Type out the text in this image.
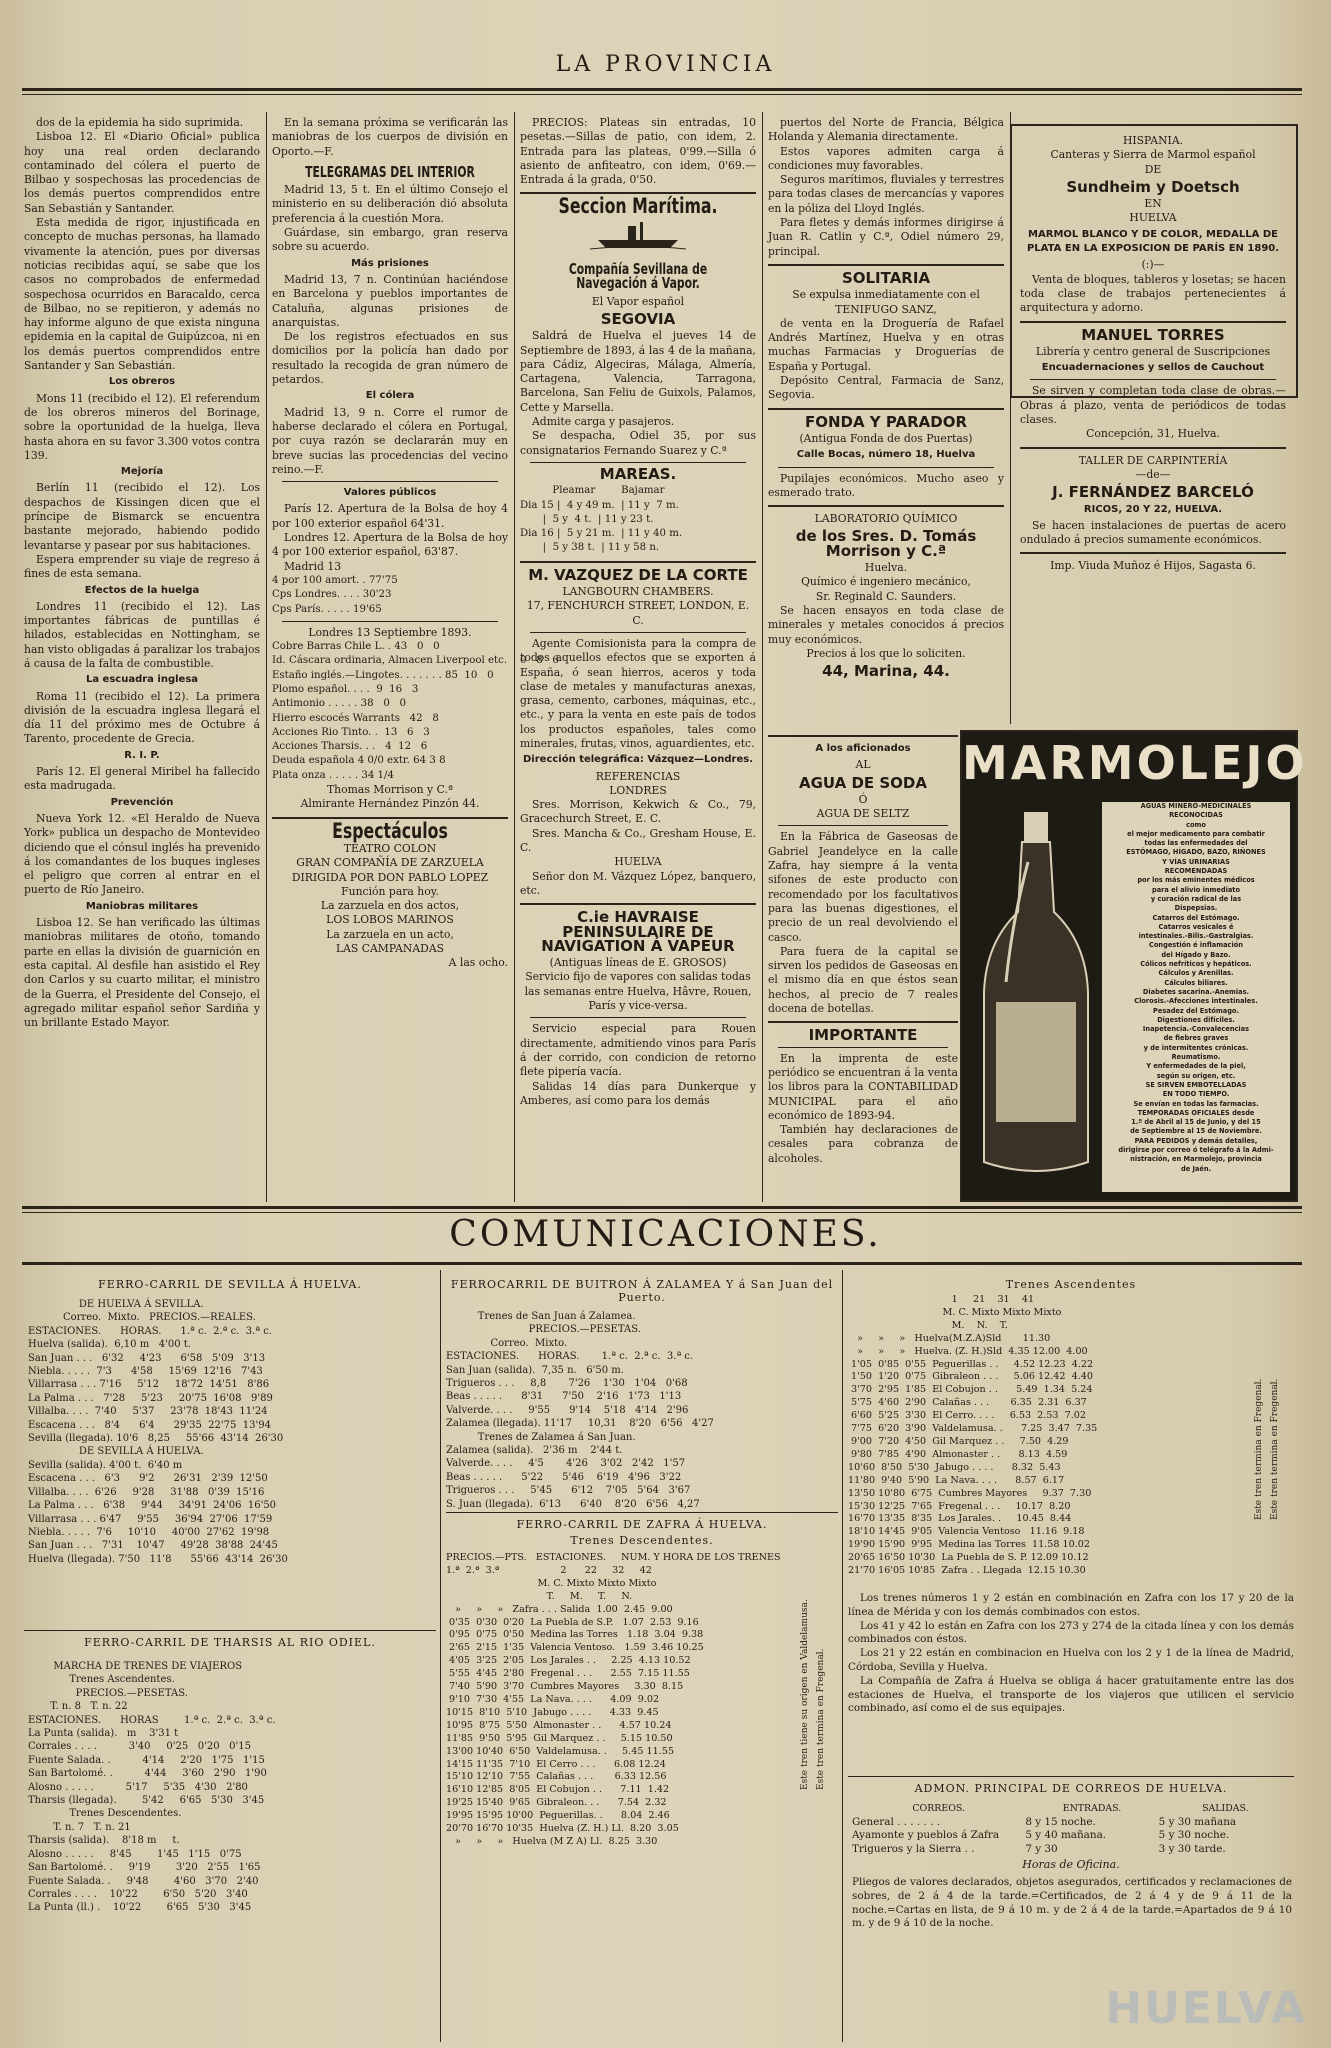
LA PROVINCIA

dos de la epidemia ha sido suprimida.

Lisboa 12. El «Diario Oficial» publica hoy una real orden declarando contaminado del cólera el puerto de Bilbao y sospechosas las procedencias de los demás puertos comprendidos entre San Sebastián y Santander.

Esta medida de rigor, injustificada en concepto de muchas personas, ha llamado vivamente la atención, pues por diversas noticias recibidas aquí, se sabe que los casos no comprobados de enfermedad sospechosa ocurridos en Baracaldo, cerca de Bilbao, no se repitieron, y además no hay informe alguno de que exista ninguna epidemia en la capital de Guipúzcoa, ni en los demás puertos comprendidos entre Santander y San Sebastián.

Los obreros

Mons 11 (recibido el 12). El referendum de los obreros mineros del Borinage, sobre la oportunidad de la huelga, lleva hasta ahora en su favor 3.300 votos contra 139.

Mejoría

Berlín 11 (recibido el 12). Los despachos de Kissingen dicen que el príncipe de Bismarck se encuentra bastante mejorado, habiendo podido levantarse y pasear por sus habitaciones.

Espera emprender su viaje de regreso á fines de esta semana.

Efectos de la huelga

Londres 11 (recibido el 12). Las importantes fábricas de puntillas é hilados, establecidas en Nottingham, se han visto obligadas á paralizar los trabajos á causa de la falta de combustible.

La escuadra inglesa

Roma 11 (recibido el 12). La primera división de la escuadra inglesa llegará el día 11 del próximo mes de Octubre á Tarento, procedente de Grecia.

R. I. P.

París 12. El general Miribel ha fallecido esta madrugada.

Prevención

Nueva York 12. «El Heraldo de Nueva York» publica un despacho de Montevideo diciendo que el cónsul inglés ha prevenido á los comandantes de los buques ingleses el peligro que corren al entrar en el puerto de Río Janeiro.

Maniobras militares

Lisboa 12. Se han verificado las últimas maniobras militares de otoño, tomando parte en ellas la división de guarnición en esta capital. Al desfile han asistido el Rey don Carlos y su cuarto militar, el ministro de la Guerra, el Presidente del Consejo, el agregado militar español señor Sardiña y un brillante Estado Mayor.

En la semana próxima se verificarán las maniobras de los cuerpos de división en Oporto.—F.

TELEGRAMAS DEL INTERIOR

Madrid 13, 5 t. En el último Consejo el ministerio en su deliberación dió absoluta preferencia á la cuestión Mora.

Guárdase, sin embargo, gran reserva sobre su acuerdo.

Más prisiones

Madrid 13, 7 n. Continúan haciéndose en Barcelona y pueblos importantes de Cataluña, algunas prisiones de anarquistas.

De los registros efectuados en sus domicilios por la policía han dado por resultado la recogida de gran número de petardos.

El cólera

Madrid 13, 9 n. Corre el rumor de haberse declarado el cólera en Portugal, por cuya razón se declararán muy en breve sucias las procedencias del vecino reino.—F.

Valores públicos

París 12. Apertura de la Bolsa de hoy 4 por 100 exterior español 64'31.

Londres 12. Apertura de la Bolsa de hoy 4 por 100 exterior español, 63'87.

Madrid 13

4 por 100 amort. . 77'75

Cps Londres. . . . 30'23

Cps París. . . . . 19'65

Londres 13 Septiembre 1893.

Cobre Barras Chile L. . 43   0   0

Id. Cáscara ordinaria, Almacen Liverpool etc.    0   8   6

Estaño inglés.—Lingotes. . . . . . . 85  10   0

Plomo español. . . .  9  16   3

Antimonio . . . . . 38   0   0

Hierro escocés Warrants   42   8

Acciones Rio Tinto. .  13   6   3

Acciones Tharsis. . .   4  12   6

Deuda española 4 0/0 extr. 64 3 8

Plata onza . . . . . 34 1/4

Thomas Morrison y C.ª

Almirante Hernández Pinzón 44.

Espectáculos

TEATRO COLON

GRAN COMPAÑÍA DE ZARZUELA DIRIGIDA POR DON PABLO LOPEZ

Función para hoy.

La zarzuela en dos actos,

LOS LOBOS MARINOS

La zarzuela en un acto,

LAS CAMPANADAS

A las ocho.

PRECIOS: Plateas sin entradas, 10 pesetas.—Sillas de patio, con idem, 2. Entrada para las plateas, 0'99.—Silla ó asiento de anfiteatro, con idem, 0'69.—Entrada á la grada, 0'50.

Seccion Marítima.

Compañía Sevillana de Navegación á Vapor.

El Vapor español

SEGOVIA

Saldrá de Huelva el jueves 14 de Septiembre de 1893, á las 4 de la mañana, para Cádiz, Algeciras, Málaga, Almería, Cartagena, Valencia, Tarragona, Barcelona, San Feliu de Guixols, Palamos, Cette y Marsella.

Admite carga y pasajeros.

Se despacha, Odiel 35, por sus consignatarios Fernando Suarez y C.ª

MAREAS.

Pleamar        Bajamar

Dia 15 |  4 y 49 m.  | 11 y  7 m.

|  5 y  4 t.  | 11 y 23 t.

Dia 16 |  5 y 21 m.  | 11 y 40 m.

|  5 y 38 t.  | 11 y 58 n.

M. VAZQUEZ DE LA CORTE

LANGBOURN CHAMBERS.

17, FENCHURCH STREET, LONDON, E. C.

Agente Comisionista para la compra de todos aquellos efectos que se exporten á España, ó sean hierros, aceros y toda clase de metales y manufacturas anexas, grasa, cemento, carbones, máquinas, etc., etc., y para la venta en este país de todos los productos españoles, tales como minerales, frutas, vinos, aguardientes, etc.

Dirección telegráfica: Vázquez—Londres.

REFERENCIAS

LONDRES

Sres. Morrison, Kekwich & Co., 79, Gracechurch Street, E. C.

Sres. Mancha & Co., Gresham House, E. C.

HUELVA

Señor don M. Vázquez López, banquero, etc.

C.ie HAVRAISE PENINSULAIRE DE NAVIGATION Á VAPEUR

(Antiguas líneas de E. GROSOS)

Servicio fijo de vapores con salidas todas las semanas entre Huelva, Hâvre, Rouen, París y vice-versa.

Servicio especial para Rouen directamente, admitiendo vinos para París á der corrido, con condicion de retorno flete pipería vacía.

Salidas 14 días para Dunkerque y Amberes, así como para los demás

puertos del Norte de Francia, Bélgica Holanda y Alemania directamente.

Estos vapores admiten carga á condiciones muy favorables.

Seguros marítimos, fluviales y terrestres para todas clases de mercancías y vapores en la póliza del Lloyd Inglés.

Para fletes y demás informes dirigirse á Juan R. Catlin y C.ª, Odiel número 29, principal.

SOLITARIA

Se expulsa inmediatamente con el

TENIFUGO SANZ,

de venta en la Droguería de Rafael Andrés Martínez, Huelva y en otras muchas Farmacias y Droguerías de España y Portugal.

Depósito Central, Farmacia de Sanz, Segovia.

FONDA Y PARADOR

(Antigua Fonda de dos Puertas)

Calle Bocas, número 18, Huelva

Pupilajes económicos. Mucho aseo y esmerado trato.

LABORATORIO QUÍMICO

de los Sres. D. Tomás Morrison y C.ª

Huelva.

Químico é ingeniero mecánico,

Sr. Reginald C. Saunders.

Se hacen ensayos en toda clase de minerales y metales conocidos á precios muy económicos.

Precios á los que lo soliciten.

44, Marina, 44.

HISPANIA.

Canteras y Sierra de Marmol español

DE

Sundheim y Doetsch

EN

HUELVA

MARMOL BLANCO Y DE COLOR, MEDALLA DE PLATA EN LA EXPOSICION DE PARÍS EN 1890.

(:)—

Venta de bloques, tableros y losetas; se hacen toda clase de trabajos pertenecientes á arquitectura y adorno.

MANUEL TORRES

Librería y centro general de Suscripciones

Encuadernaciones y sellos de Cauchout

Se sirven y completan toda clase de obras.—Obras á plazo, venta de periódicos de todas clases.

Concepción, 31, Huelva.

TALLER DE CARPINTERÍA

—de—

J. FERNÁNDEZ BARCELÓ

RICOS, 20 Y 22, HUELVA.

Se hacen instalaciones de puertas de acero ondulado á precios sumamente económicos.

Imp. Viuda Muñoz é Hijos, Sagasta 6.

A los aficionados

AL

AGUA DE SODA

Ó

AGUA DE SELTZ

En la Fábrica de Gaseosas de Gabriel Jeandelyce en la calle Zafra, hay siempre á la venta sifones de este producto con recomendado por los facultativos para las buenas digestiones, el precio de un real devolviendo el casco.

Para fuera de la capital se sirven los pedidos de Gaseosas en el mismo día en que éstos sean hechos, al precio de 7 reales docena de botellas.

IMPORTANTE

En la imprenta de este periódico se encuentran á la venta los libros para la CONTABILIDAD MUNICIPAL para el año económico de 1893-94.

También hay declaraciones de cesales para cobranza de alcoholes.

MARMOLEJO
AGUAS MINERO-MEDICINALES
RECONOCIDAS
como
el mejor medicamento para combatir
todas las enfermedades del
ESTÓMAGO, HÍGADO, BAZO, RIÑONES
Y VÍAS URINARIAS
RECOMENDADAS
por los más eminentes médicos
para el alivio inmediato
y curación radical de las
Dispepsias.
Catarros del Estómago.
Catarros vesicales é
intestinales.-Bilis.-Gastralgias.
Congestión é inflamación
del Hígado y Bazo.
Cólicos nefríticos y hepáticos.
Cálculos y Arenillas.
Cálculos biliares.
Diabetes sacarina.-Anemias.
Clorosis.-Afecciones intestinales.
Pesadez del Estómago.
Digestiones difíciles.
Inapetencia.-Convalecencias
de fiebres graves
y de intermitentes crónicas.
Reumatismo.
Y enfermedades de la piel,
según su origen, etc.
SE SIRVEN EMBOTELLADAS
EN TODO TIEMPO.
Se envían en todas las farmacias.
TEMPORADAS OFICIALES desde
1.º de Abril al 15 de Junio, y del 15
de Septiembre al 15 de Noviembre.
PARA PEDIDOS y demás detalles,
dirigirse por correo ó telégrafo á la Admi-
nistración, en Marmolejo, provincia
de Jaén.
COMUNICACIONES.
FERRO-CARRIL DE SEVILLA Á HUELVA.
DE HUELVA Á SEVILLA.
Correo.  Mixto.   PRECIOS.—REALES.
ESTACIONES.      HORAS.      1.ª c.  2.ª c.  3.ª c.
Huelva (salida).  6,10 m   4'00 t.
San Juan . . .   6'32     4'23      6'58   5'09   3'13
Niebla. . . . .  7'3      4'58     15'69  12'16   7'43
Villarrasa . . . 7'16     5'12     18'72  14'51   8'86
La Palma . . .   7'28     5'23     20'75  16'08   9'89
Villalba. . . .  7'40     5'37     23'78  18'43  11'24
Escacena . . .   8'4      6'4      29'35  22'75  13'94
Sevilla (llegada). 10'6   8,25     55'66  43'14  26'30
DE SEVILLA Á HUELVA.
Sevilla (salida). 4'00 t.  6'40 m
Escacena . . .   6'3      9'2      26'31   2'39  12'50
Villalba. . . .  6'26     9'28     31'88   0'39  15'16
La Palma . . .   6'38     9'44     34'91  24'06  16'50
Villarrasa . . . 6'47     9'55     36'94  27'06  17'59
Niebla. . . . .  7'6     10'10     40'00  27'62  19'98
San Juan . . .   7'31    10'47     49'28  38'88  24'45
Huelva (llegada). 7'50   11'8      55'66  43'14  26'30
FERRO-CARRIL DE THARSIS AL RIO ODIEL.
MARCHA DE TRENES DE VIAJEROS
Trenes Ascendentes.
PRECIOS.—PESETAS.
T. n. 8   T. n. 22
ESTACIONES.      HORAS        1.ª c.  2.ª c.  3.ª c.
La Punta (salida).   m    3'31 t
Corrales . . . .          3'40     0'25   0'20   0'15
Fuente Salada. .          4'14     2'20   1'75   1'15
San Bartolomé. .          4'44     3'60   2'90   1'90
Alosno . . . . .          5'17     5'35   4'30   2'80
Tharsis (llegada).        5'42     6'65   5'30   3'45
Trenes Descendentes.
T. n. 7   T. n. 21
Tharsis (salida).    8'18 m     t.
Alosno . . . . .     8'45        1'45   1'15   0'75
San Bartolomé. .     9'19        3'20   2'55   1'65
Fuente Salada. .     9'48        4'60   3'70   2'40
Corrales . . . .    10'22        6'50   5'20   3'40
La Punta (ll.) .    10'22        6'65   5'30   3'45
FERROCARRIL DE BUITRON Á ZALAMEA Y á San Juan del Puerto.
Trenes de San Juan á Zalamea.
PRECIOS.—PESETAS.
Correo.  Mixto.
ESTACIONES.      HORAS.       1.ª c.  2.ª c.  3.ª c.
San Juan (salida).  7,35 n.   6'50 m.
Trigueros . . .     8,8       7'26    1'30   1'04   0'68
Beas . . . . .      8'31      7'50    2'16   1'73   1'13
Valverde. . . .     9'55      9'14    5'18   4'14   2'96
Zalamea (llegada). 11'17     10,31    8'20   6'56   4'27
Trenes de Zalamea á San Juan.
Zalamea (salida).   2'36 m    2'44 t.
Valverde. . . .     4'5       4'26    3'02   2'42   1'57
Beas . . . . .      5'22      5'46    6'19   4'96   3'22
Trigueros . . .     5'45      6'12    7'05   5'64   3'67
S. Juan (llegada).  6'13      6'40    8'20   6'56   4,27
FERRO-CARRIL DE ZAFRA Á HUELVA.
Trenes Descendentes.
PRECIOS.—PTS.   ESTACIONES.     NUM. Y HORA DE LOS TRENES
1.ª  2.ª  3.ª                    2      22     32     42
M. C. Mixto Mixto Mixto
T.     M.     T.     N.
»     »     »   Zafra . . . Salida  1.00  2.45  9.00
0'35  0'30  0'20  La Puebla de S.P.   1.07  2.53  9.16
0'95  0'75  0'50  Medina las Torres   1.18  3.04  9.38
2'65  2'15  1'35  Valencia Ventoso.   1.59  3.46 10.25
4'05  3'25  2'05  Los Jarales . .     2.25  4.13 10.52
5'55  4'45  2'80  Fregenal . . .      2.55  7.15 11.55
7'40  5'90  3'70  Cumbres Mayores     3.30  8.15
9'10  7'30  4'55  La Nava. . . .      4.09  9.02
10'15  8'10  5'10  Jabugo . . . .      4.33  9.45
10'95  8'75  5'50  Almonaster . .      4.57 10.24
11'85  9'50  5'95  Gil Marquez . .     5.15 10.50
13'00 10'40  6'50  Valdelamusa. .     5.45 11.55
14'15 11'35  7'10  El Cerro . . .      6.08 12.24
15'10 12'10  7'55  Calañas . . .       6.33 12.56
16'10 12'85  8'05  El Cobujon . .      7.11  1.42
19'25 15'40  9'65  Gibraleon. . .      7.54  2.32
19'95 15'95 10'00  Peguerillas. .      8.04  2.46
20'70 16'70 10'35  Huelva (Z. H.) Ll.  8.20  3.05
»     »     »   Huelva (M Z A) Ll.  8.25  3.30
Trenes Ascendentes
1     21    31    41
M. C. Mixto Mixto Mixto
M.    N.    T.
»     »     »   Huelva(M.Z.A)Sld       11.30
»     »     »   Huelva. (Z. H.)Sld  4.35 12.00  4.00
1'05  0'85  0'55  Peguerillas . .     4.52 12.23  4.22
1'50  1'20  0'75  Gibraleon . . .     5.06 12.42  4.40
3'70  2'95  1'85  El Cobujon . .      5.49  1.34  5.24
5'75  4'60  2'90  Calañas . . .       6.35  2.31  6.37
6'60  5'25  3'30  El Cerro. . . .     6.53  2.53  7.02
7'75  6'20  3'90  Valdelamusa. .      7.25  3.47  7.35
9'00  7'20  4'50  Gil Marquez . .     7.50  4.29
9'80  7'85  4'90  Almonaster . .      8.13  4.59
10'60  8'50  5'30  Jabugo . . . .      8.32  5.43
11'80  9'40  5'90  La Nava. . . .      8.57  6.17
13'50 10'80  6'75  Cumbres Mayores     9.37  7.30
15'30 12'25  7'65  Fregenal . . .     10.17  8.20
16'70 13'35  8'35  Los Jarales. .     10.45  8.44
18'10 14'45  9'05  Valencia Ventoso   11.16  9.18
19'90 15'90  9'95  Medina las Torres  11.58 10.02
20'65 16'50 10'30  La Puebla de S. P. 12.09 10.12
21'70 16'05 10'85  Zafra . . Llegada  12.15 10.30

Los trenes números 1 y 2 están en combinación en Zafra con los 17 y 20 de la línea de Mérida y con los demás combinados con estos.

Los 41 y 42 lo están en Zafra con los 273 y 274 de la citada línea y con los demás combinados con éstos.

Los 21 y 22 están en combinacion en Huelva con los 2 y 1 de la línea de Madrid, Córdoba, Sevilla y Huelva.

La Compañía de Zafra á Huelva se obliga á hacer gratuitamente entre las dos estaciones de Huelva, el transporte de los viajeros que utilicen el servicio combinado, así como el de sus equipajes.

ADMON. PRINCIPAL DE CORREOS DE HUELVA.
CORREOS.	ENTRADAS.	SALIDAS.
General . . . . . . .	8 y 15 noche.	5 y 30 mañana
Ayamonte y pueblos á Zafra	5 y 40 mañana.	5 y 30 noche.
Trigueros y la Sierra . .	7 y 30	3 y 30 tarde.
Horas de Oficina.
Pliegos de valores declarados, objetos asegurados, certificados y reclamaciones de sobres, de 2 á 4 de la tarde.=Certificados, de 2 á 4 y de 9 á 11 de la noche.=Cartas en lista, de 9 á 10 m. y de 2 á 4 de la tarde.=Apartados de 9 á 10 m. y de 9 á 10 de la noche.
HUELVA
Este tren tiene su origen en Valdelamusa. Este tren termina en Fregenal.
Este tren termina en Fregenal. Este tren termina en Fregenal.
